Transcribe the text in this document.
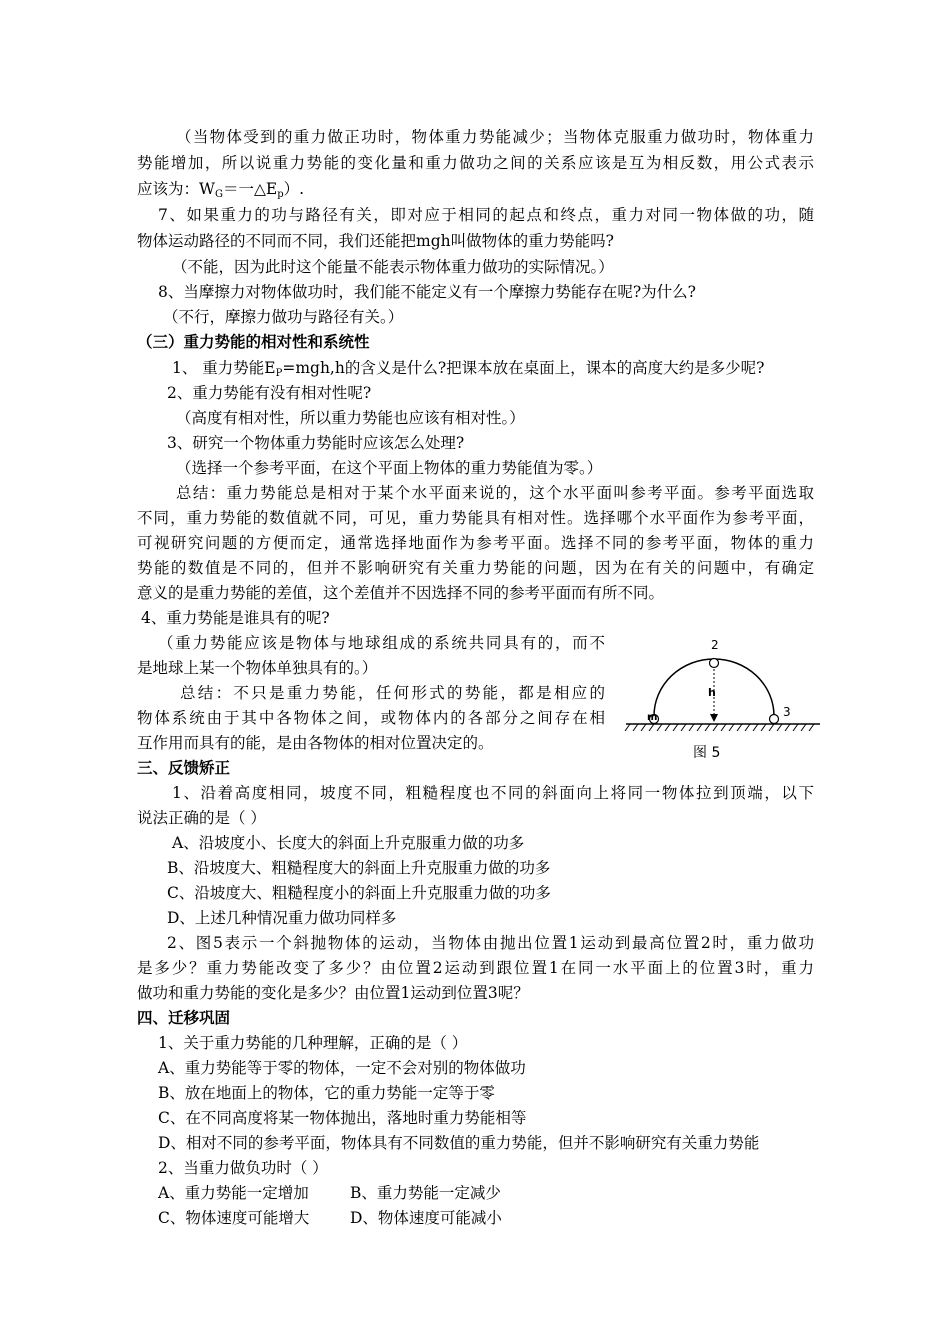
（当物体受到的重力做正功时，物体重力势能减少；当物体克服重力做功时，物体重力
势能增加，所以说重力势能的变化量和重力做功之间的关系应该是互为相反数，用公式表示
应该为：$W_G=$一$\triangle E_p$）.
7、如果重力的功与路径有关，即对应于相同的起点和终点，重力对同一物体做的功，随
物体运动路径的不同而不同，我们还能把mgh叫做物体的重力势能吗?
（不能，因为此时这个能量不能表示物体重力做功的实际情况。）
8、当摩擦力对物体做功时，我们能不能定义有一个摩擦力势能存在呢?为什么?
（不行，摩擦力做功与路径有关。）
（三）重力势能的相对性和系统性
1、 重力势能$E_P=mgh,h$的含义是什么?把课本放在桌面上，课本的高度大约是多少呢?
2、重力势能有没有相对性呢?
（高度有相对性，所以重力势能也应该有相对性。）
3、研究一个物体重力势能时应该怎么处理?
（选择一个参考平面，在这个平面上物体的重力势能值为零。）
总结：重力势能总是相对于某个水平面来说的，这个水平面叫参考平面。参考平面选取
不同，重力势能的数值就不同，可见，重力势能具有相对性。选择哪个水平面作为参考平面，
可视研究问题的方便而定，通常选择地面作为参考平面。选择不同的参考平面，物体的重力
势能的数值是不同的，但并不影响研究有关重力势能的问题，因为在有关的问题中，有确定
意义的是重力势能的差值，这个差值并不因选择不同的参考平面而有所不同。
4、重力势能是谁具有的呢?
（重力势能应该是物体与地球组成的系统共同具有的，而不
是地球上某一个物体单独具有的。）
总结：不只是重力势能，任何形式的势能，都是相应的
物体系统由于其中各物体之间，或物体内的各部分之间存在相
互作用而具有的能，是由各物体的相对位置决定的。
2
h
m	3
图 5
三、反馈矫正
1、沿着高度相同，坡度不同，粗糙程度也不同的斜面向上将同一物体拉到顶端，以下
说法正确的是（ ）
A、沿坡度小、长度大的斜面上升克服重力做的功多
B、沿坡度大、粗糙程度大的斜面上升克服重力做的功多
C、沿坡度大、粗糙程度小的斜面上升克服重力做的功多
D、上述几种情况重力做功同样多
2、图5表示一个斜抛物体的运动，当物体由抛出位置1运动到最高位置2时，重力做功
是多少？重力势能改变了多少？由位置2运动到跟位置1在同一水平面上的位置3时，重力
做功和重力势能的变化是多少？由位置1运动到位置3呢？
四、迁移巩固
1、关于重力势能的几种理解，正确的是（ ）
A、重力势能等于零的物体，一定不会对别的物体做功
B、放在地面上的物体，它的重力势能一定等于零
C、在不同高度将某一物体抛出，落地时重力势能相等
D、相对不同的参考平面，物体具有不同数值的重力势能，但并不影响研究有关重力势能
2、当重力做负功时（ ）
A、重力势能一定增加	B、重力势能一定减少
C、物体速度可能增大	D、物体速度可能减小
